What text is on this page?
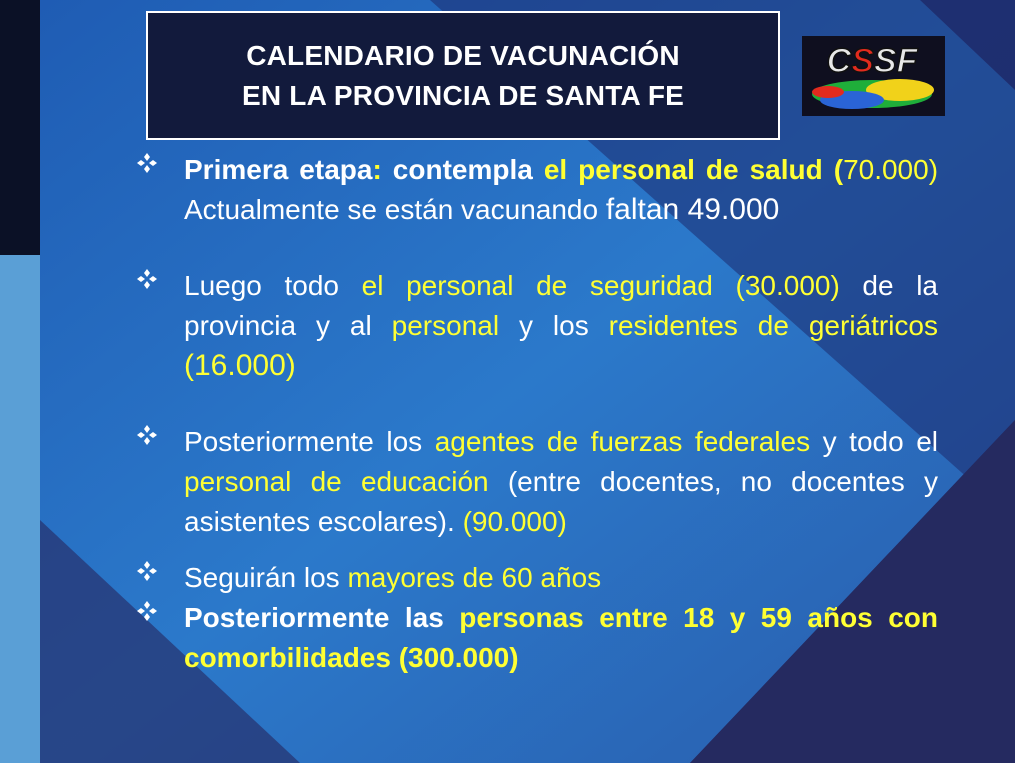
CALENDARIO DE VACUNACIÓN
EN LA PROVINCIA DE SANTA FE
CSSF
Primera etapa: contempla el personal de salud (70.000) Actualmente se están vacunando faltan 49.000
Luego todo el personal de seguridad (30.000) de la provincia y al personal y los residentes de geriátricos (16.000)
Posteriormente los agentes de fuerzas federales y todo el personal de educación (entre docentes, no docentes y asistentes escolares). (90.000)
Seguirán los mayores de 60 años
Posteriormente las personas entre 18 y 59 años con comorbilidades (300.000)
